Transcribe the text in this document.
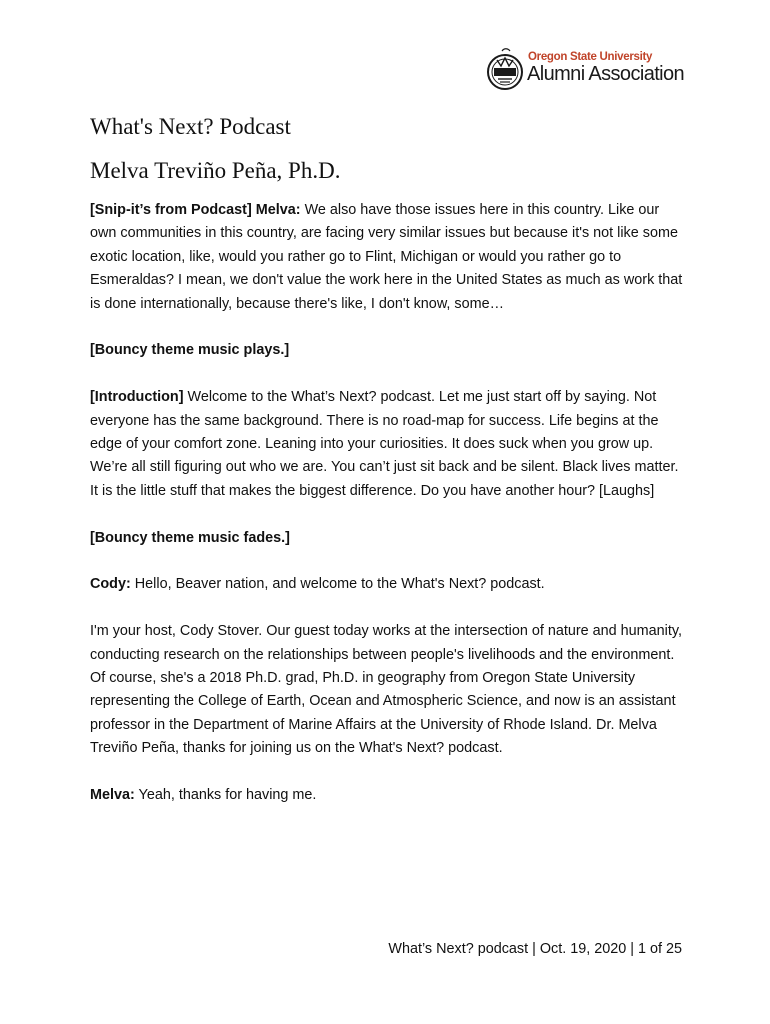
Oregon State University
Alumni Association
What's Next? Podcast
Melva Treviño Peña, Ph.D.

[Snip-it’s from Podcast] Melva: We also have those issues here in this country. Like our own communities in this country, are facing very similar issues but because it's not like some exotic location, like, would you rather go to Flint, Michigan or would you rather go to Esmeraldas? I mean, we don't value the work here in the United States as much as work that is done internationally, because there's like, I don't know, some…

[Bouncy theme music plays.]

[Introduction] Welcome to the What’s Next? podcast. Let me just start off by saying. Not everyone has the same background. There is no road-map for success. Life begins at the edge of your comfort zone. Leaning into your curiosities. It does suck when you grow up. We’re all still figuring out who we are. You can’t just sit back and be silent. Black lives matter. It is the little stuff that makes the biggest difference. Do you have another hour? [Laughs]

[Bouncy theme music fades.]

Cody: Hello, Beaver nation, and welcome to the What's Next? podcast.

I'm your host, Cody Stover. Our guest today works at the intersection of nature and humanity, conducting research on the relationships between people's livelihoods and the environment. Of course, she's a 2018 Ph.D. grad, Ph.D. in geography from Oregon State University representing the College of Earth, Ocean and Atmospheric Science, and now is an assistant professor in the Department of Marine Affairs at the University of Rhode Island. Dr. Melva Treviño Peña, thanks for joining us on the What's Next? podcast.

Melva: Yeah, thanks for having me.

What’s Next? podcast | Oct. 19, 2020 | 1 of 25
